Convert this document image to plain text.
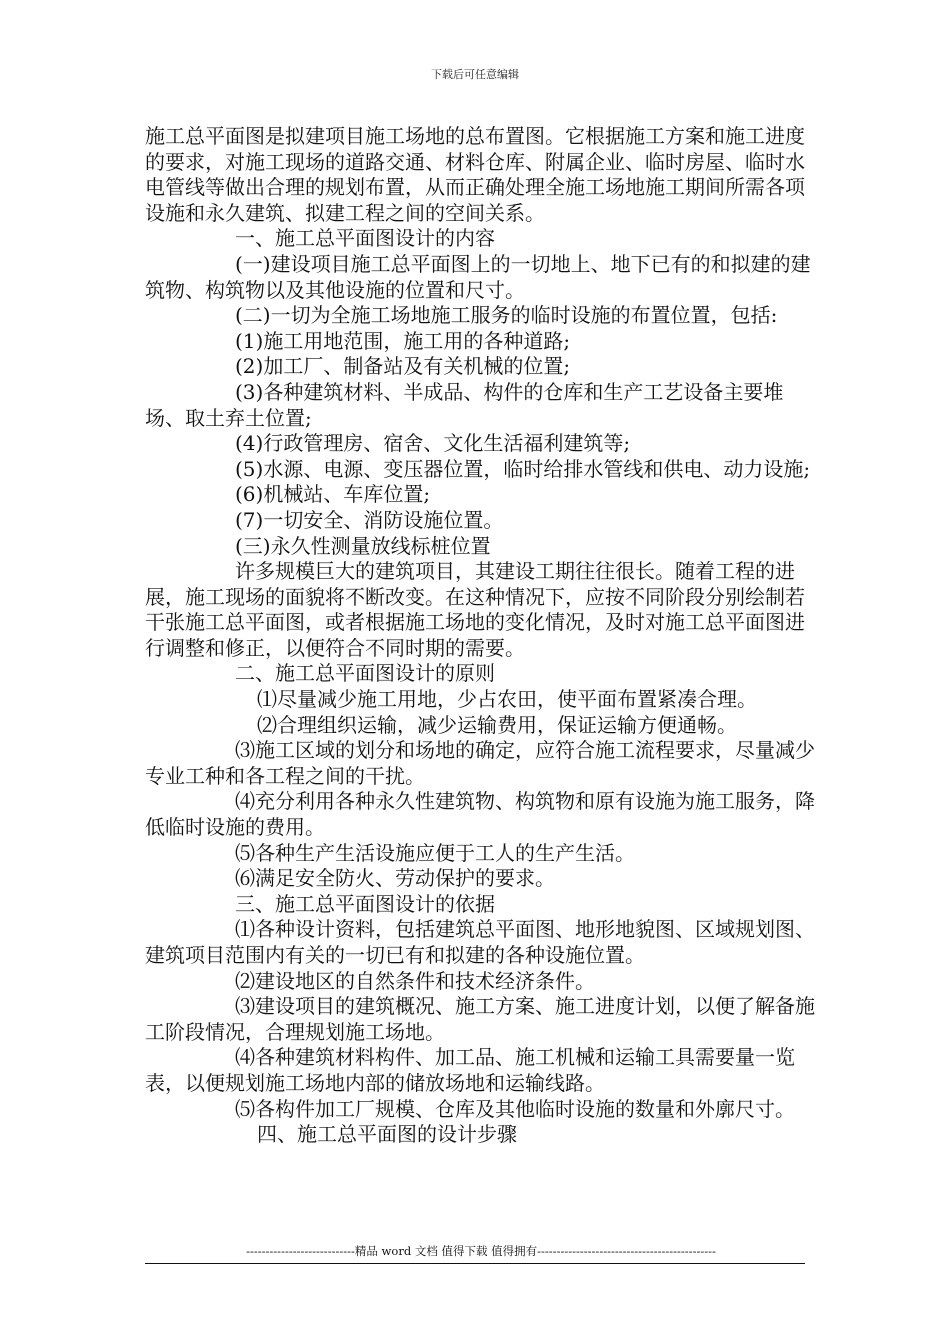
下载后可任意编辑

施工总平面图是拟建项目施工场地的总布置图。它根据施工方案和施工进度的要求，对施工现场的道路交通、材料仓库、附属企业、临时房屋、临时水电管线等做出合理的规划布置，从而正确处理全施工场地施工期间所需各项设施和永久建筑、拟建工程之间的空间关系。

一、施工总平面图设计的内容

(一)建设项目施工总平面图上的一切地上、地下已有的和拟建的建筑物、构筑物以及其他设施的位置和尺寸。

(二)一切为全施工场地施工服务的临时设施的布置位置，包括:

(1)施工用地范围，施工用的各种道路;

(2)加工厂、制备站及有关机械的位置;

(3)各种建筑材料、半成品、构件的仓库和生产工艺设备主要堆场、取土弃土位置;

(4)行政管理房、宿舍、文化生活福利建筑等;

(5)水源、电源、变压器位置，临时给排水管线和供电、动力设施;

(6)机械站、车库位置;

(7)一切安全、消防设施位置。

(三)永久性测量放线标桩位置

许多规模巨大的建筑项目，其建设工期往往很长。随着工程的进展，施工现场的面貌将不断改变。在这种情况下，应按不同阶段分别绘制若干张施工总平面图，或者根据施工场地的变化情况，及时对施工总平面图进行调整和修正，以便符合不同时期的需要。

二、施工总平面图设计的原则

⑴尽量减少施工用地，少占农田，使平面布置紧凑合理。

⑵合理组织运输，减少运输费用，保证运输方便通畅。

⑶施工区域的划分和场地的确定，应符合施工流程要求，尽量减少专业工种和各工程之间的干扰。

⑷充分利用各种永久性建筑物、构筑物和原有设施为施工服务，降低临时设施的费用。

⑸各种生产生活设施应便于工人的生产生活。

⑹满足安全防火、劳动保护的要求。

三、施工总平面图设计的依据

⑴各种设计资料，包括建筑总平面图、地形地貌图、区域规划图、建筑项目范围内有关的一切已有和拟建的各种设施位置。

⑵建设地区的自然条件和技术经济条件。

⑶建设项目的建筑概况、施工方案、施工进度计划，以便了解备施工阶段情况，合理规划施工场地。

⑷各种建筑材料构件、加工品、施工机械和运输工具需要量一览表，以便规划施工场地内部的储放场地和运输线路。

⑸各构件加工厂规模、仓库及其他临时设施的数量和外廓尺寸。

四、施工总平面图的设计步骤

----------------------------精品 word 文档 值得下载 值得拥有----------------------------------------------
